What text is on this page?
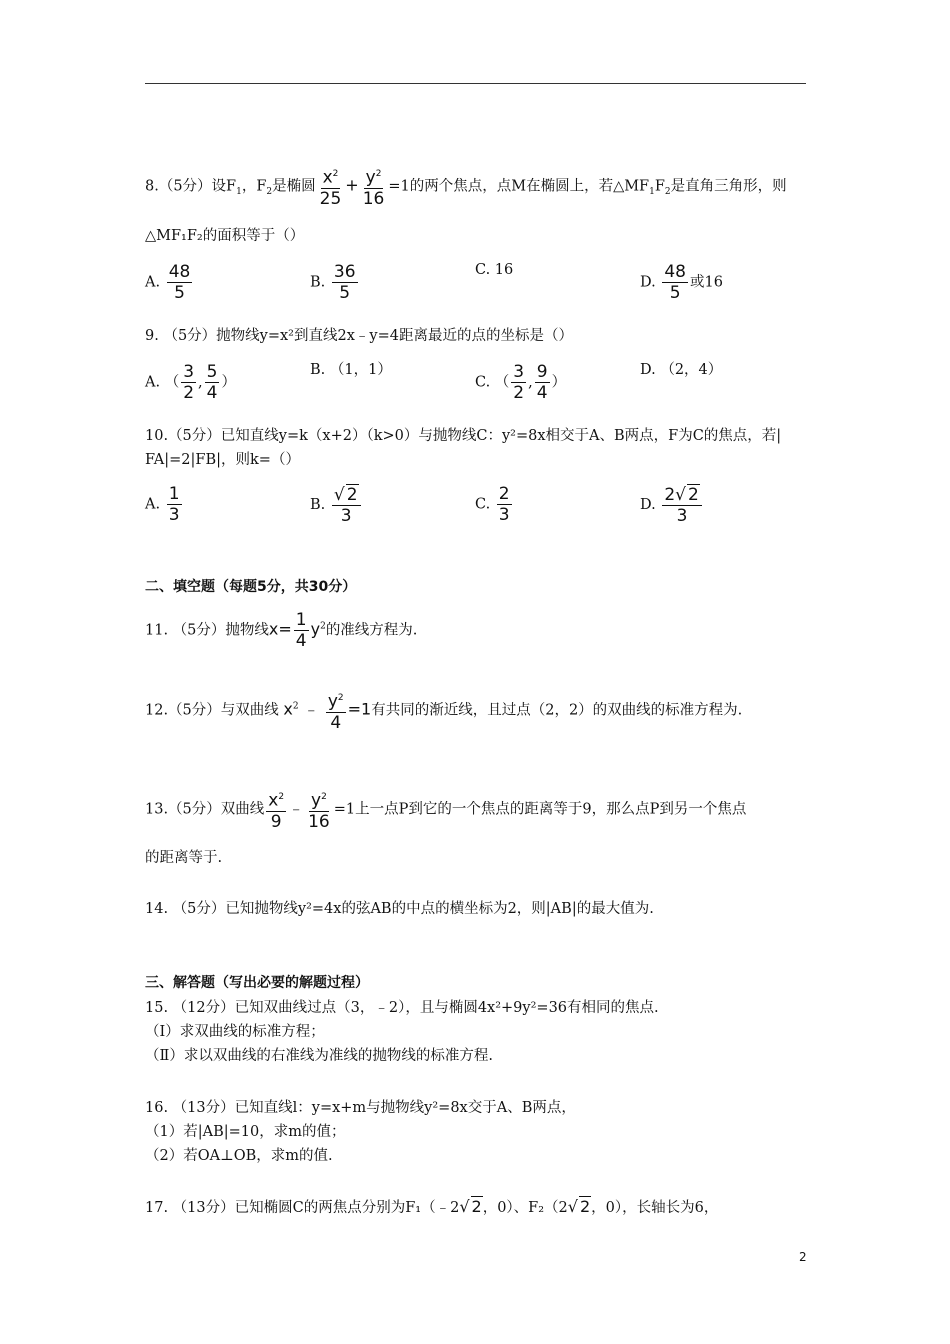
8.（5分）设$F_1$，$F_2$是椭圆 $\frac{x^2}{25} + \frac{y^2}{16} =1$的两个焦点，点M在椭圆上，若$\triangle MF_1F_2$是直角三角形，则
△MF₁F₂的面积等于（）
A. $\frac{48}{5}$	B. $\frac{36}{5}$	C. 16
D. $\frac{48}{5}$ 或16
9. （5分）抛物线y=x²到直线2x﹣y=4距离最近的点的坐标是（）
A. （ $\frac{3}{2}$ , $\frac{5}{4}$ ）
B. （1，1）
C. （ $\frac{3}{2}$ , $\frac{9}{4}$ ）
D. （2，4）
10.（5分）已知直线y=k（x+2）（k>0）与抛物线C：y²=8x相交于A、B两点，F为C的焦点，若|
FA|=2|FB|，则k=（）
A. $\frac{1}{3}$	B. $\frac{√ 2}{3}$	C. $\frac{2}{3}$	D. $\frac{2√ 2}{3}$
二、填空题（每题5分，共30分）
11. （5分）抛物线$x= \frac{1}{4} y^2$的准线方程为.
12.（5分）与双曲线 $x^2$ ﹣ $\frac{y^2}{4} =1$有共同的渐近线，且过点（2，2）的双曲线的标准方程为.
13.（5分）双曲线 $\frac{x^2}{9}$ ﹣ $\frac{y^2}{16} =1$上一点P到它的一个焦点的距离等于9，那么点P到另一个焦点
的距离等于.
14. （5分）已知抛物线y²=4x的弦AB的中点的横坐标为2，则|AB|的最大值为.
三、解答题（写出必要的解题过程）
15. （12分）已知双曲线过点（3，﹣2），且与椭圆4x²+9y²=36有相同的焦点.
（Ⅰ）求双曲线的标准方程；
（Ⅱ）求以双曲线的右准线为准线的抛物线的标准方程.
16. （13分）已知直线l：y=x+m与抛物线y²=8x交于A、B两点，
（1）若|AB|=10，求m的值；
（2）若OA⊥OB，求m的值.
17. （13分）已知椭圆C的两焦点分别为F₁（﹣2√ 2，0）、F₂（2√ 2，0），长轴长为6，
2
